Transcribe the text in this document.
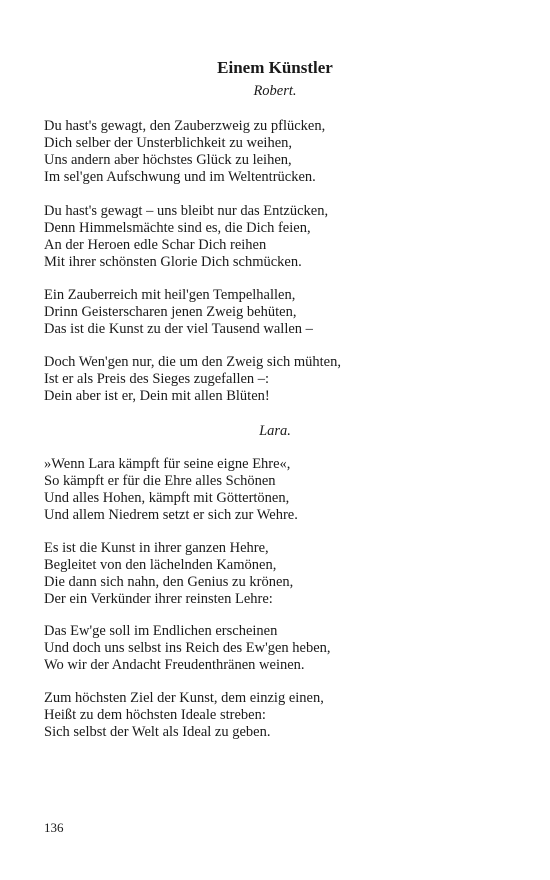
Einem Künstler
Robert.
Du hast's gewagt, den Zauberzweig zu pflücken,
Dich selber der Unsterblichkeit zu weihen,
Uns andern aber höchstes Glück zu leihen,
Im sel'gen Aufschwung und im Weltentrücken.
Du hast's gewagt – uns bleibt nur das Entzücken,
Denn Himmelsmächte sind es, die Dich feien,
An der Heroen edle Schar Dich reihen
Mit ihrer schönsten Glorie Dich schmücken.
Ein Zauberreich mit heil'gen Tempelhallen,
Drinn Geisterscharen jenen Zweig behüten,
Das ist die Kunst zu der viel Tausend wallen –
Doch Wen'gen nur, die um den Zweig sich mühten,
Ist er als Preis des Sieges zugefallen –:
Dein aber ist er, Dein mit allen Blüten!
Lara.
»Wenn Lara kämpft für seine eigne Ehre«,
So kämpft er für die Ehre alles Schönen
Und alles Hohen, kämpft mit Göttertönen,
Und allem Niedrem setzt er sich zur Wehre.
Es ist die Kunst in ihrer ganzen Hehre,
Begleitet von den lächelnden Kamönen,
Die dann sich nahn, den Genius zu krönen,
Der ein Verkünder ihrer reinsten Lehre:
Das Ew'ge soll im Endlichen erscheinen
Und doch uns selbst ins Reich des Ew'gen heben,
Wo wir der Andacht Freudenthränen weinen.
Zum höchsten Ziel der Kunst, dem einzig einen,
Heißt zu dem höchsten Ideale streben:
Sich selbst der Welt als Ideal zu geben.
136
